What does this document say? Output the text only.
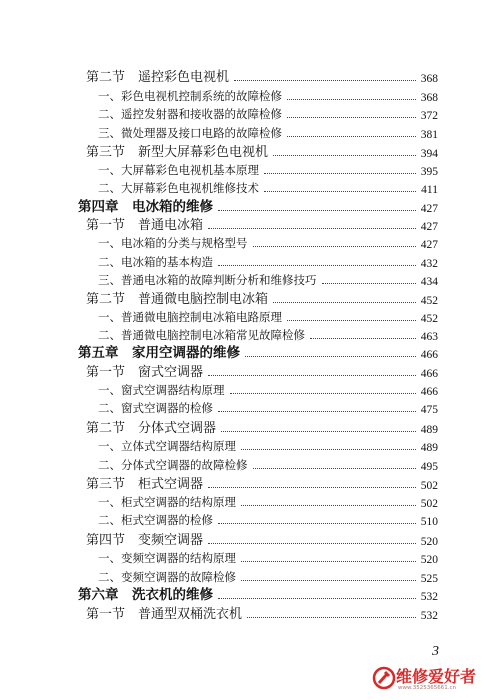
第二节　遥控彩色电视机	368
一、彩色电视机控制系统的故障检修	368
二、遥控发射器和接收器的故障检修	372
三、微处理器及接口电路的故障检修	381
第三节　新型大屏幕彩色电视机	394
一、大屏幕彩色电视机基本原理	395
二、大屏幕彩色电视机维修技术	411
第四章　电冰箱的维修	427
第一节　普通电冰箱	427
一、电冰箱的分类与规格型号	427
二、电冰箱的基本构造	432
三、普通电冰箱的故障判断分析和维修技巧	434
第二节　普通微电脑控制电冰箱	452
一、普通微电脑控制电冰箱电路原理	452
二、普通微电脑控制电冰箱常见故障检修	463
第五章　家用空调器的维修	466
第一节　窗式空调器	466
一、窗式空调器结构原理	466
二、窗式空调器的检修	475
第二节　分体式空调器	489
一、立体式空调器结构原理	489
二、分体式空调器的故障检修	495
第三节　柜式空调器	502
一、柜式空调器的结构原理	502
二、柜式空调器的检修	510
第四节　变频空调器	520
一、变频空调器的结构原理	520
二、变频空调器的故障检修	525
第六章　洗衣机的维修	532
第一节　普通型双桶洗衣机	532
3
维修爱好者
www.3525365661.cn
